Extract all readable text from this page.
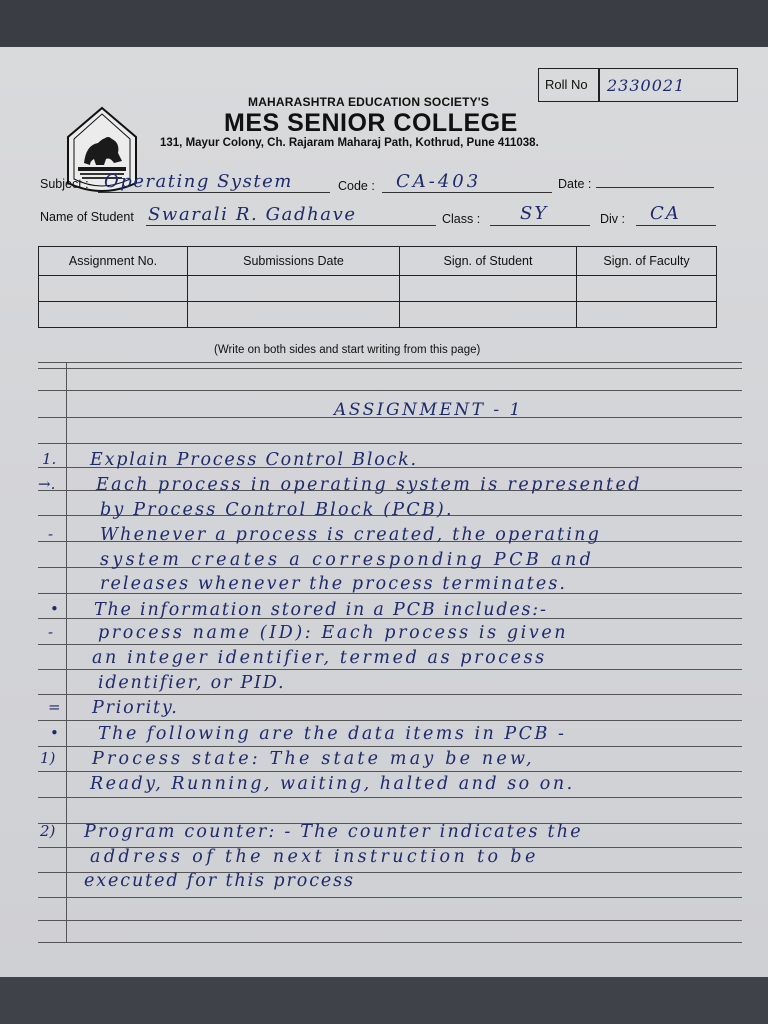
Roll No 2330021
MAHARASHTRA EDUCATION SOCIETY'S
MES SENIOR COLLEGE
131, Mayur Colony, Ch. Rajaram Maharaj Path, Kothrud, Pune 411038.
Subject : Operating System	Code : CA-403	Date :
Name of Student Swarali R. Gadhave	Class : SY	Div : CA
Assignment No.	Submissions Date	Sign. of Student	Sign. of Faculty

(Write on both sides and start writing from this page)
ASSIGNMENT - 1
1.
→.
-
•
-
=
•
1)
2)
Explain Process Control Block.
Each process in operating system is represented
by Process Control Block (PCB).
Whenever a process is created, the operating
system creates a corresponding PCB and
releases whenever the process terminates.
The information stored in a PCB includes:-
process name (ID): Each process is given
an integer identifier, termed as process
identifier, or PID.
Priority.
The following are the data items in PCB -
Process state: The state may be new,
Ready, Running, waiting, halted and so on.
Program counter: - The counter indicates the
address of the next instruction to be
executed for this process
